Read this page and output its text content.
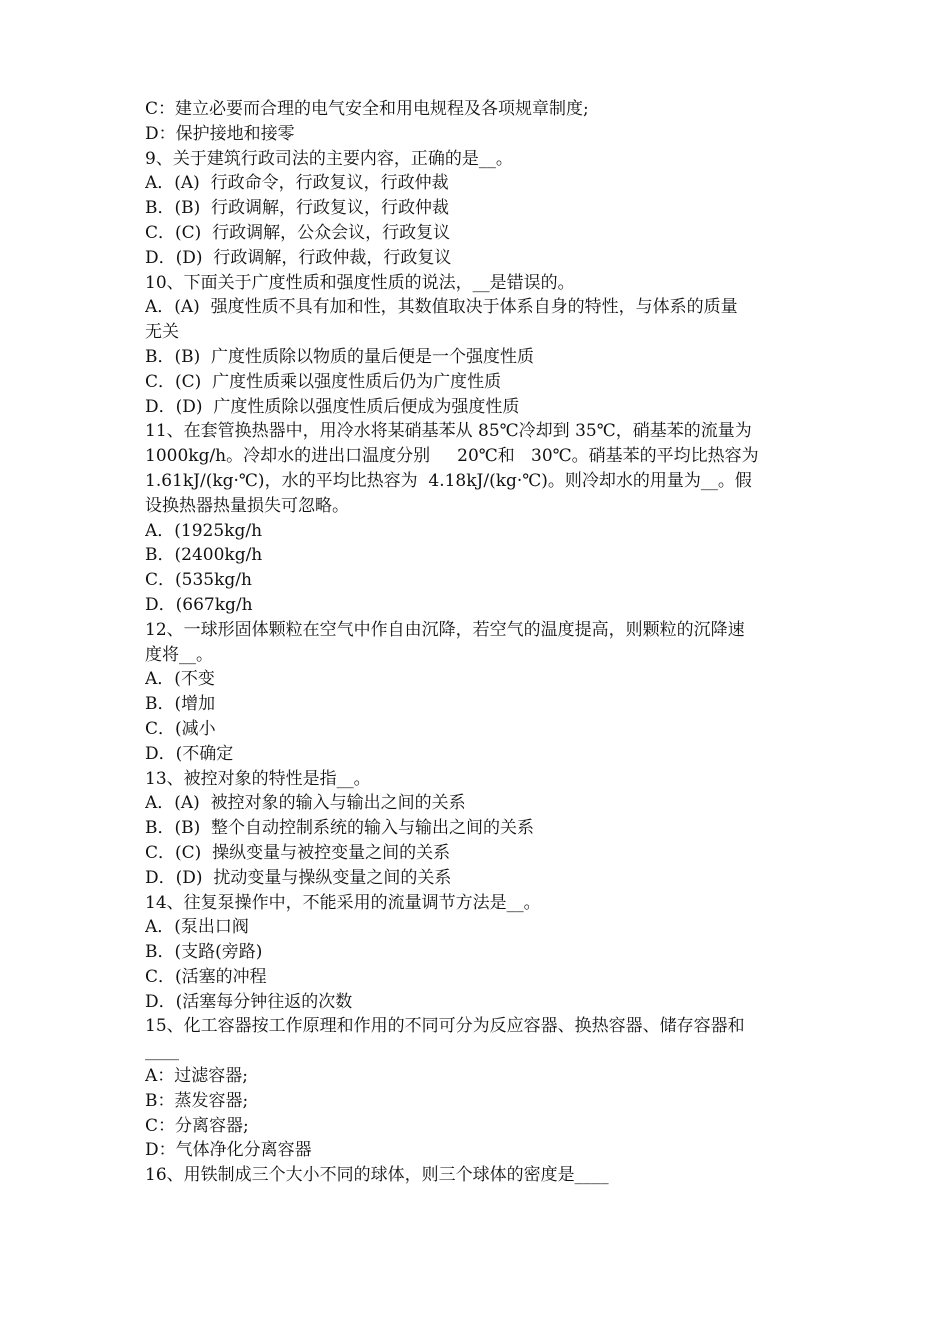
C：建立必要而合理的电气安全和用电规程及各项规章制度;
D：保护接地和接零
9、关于建筑行政司法的主要内容，正确的是__。
A．(A)  行政命令，行政复议，行政仲裁
B．(B)  行政调解，行政复议，行政仲裁
C．(C)  行政调解，公众会议，行政复议
D．(D)  行政调解，行政仲裁，行政复议
10、下面关于广度性质和强度性质的说法，__是错误的。
A．(A)  强度性质不具有加和性，其数值取决于体系自身的特性，与体系的质量
无关
B．(B)  广度性质除以物质的量后便是一个强度性质
C．(C)  广度性质乘以强度性质后仍为广度性质
D．(D)  广度性质除以强度性质后便成为强度性质
11、在套管换热器中，用冷水将某硝基苯从 85℃冷却到 35℃，硝基苯的流量为
1000kg/h。冷却水的进出口温度分别     20℃和   30℃。硝基苯的平均比热容为
1.61kJ/(kg·℃)，水的平均比热容为  4.18kJ/(kg·℃)。则冷却水的用量为__。假
设换热器热量损失可忽略。
A．(1925kg/h
B．(2400kg/h
C．(535kg/h
D．(667kg/h
12、一球形固体颗粒在空气中作自由沉降，若空气的温度提高，则颗粒的沉降速
度将__。
A．(不变
B．(增加
C．(减小
D．(不确定
13、被控对象的特性是指__。
A．(A)  被控对象的输入与输出之间的关系
B．(B)  整个自动控制系统的输入与输出之间的关系
C．(C)  操纵变量与被控变量之间的关系
D．(D)  扰动变量与操纵变量之间的关系
14、往复泵操作中，不能采用的流量调节方法是__。
A．(泵出口阀
B．(支路(旁路)
C．(活塞的冲程
D．(活塞每分钟往返的次数
15、化工容器按工作原理和作用的不同可分为反应容器、换热容器、储存容器和
____
A：过滤容器;
B：蒸发容器;
C：分离容器;
D：气体净化分离容器
16、用铁制成三个大小不同的球体，则三个球体的密度是____
